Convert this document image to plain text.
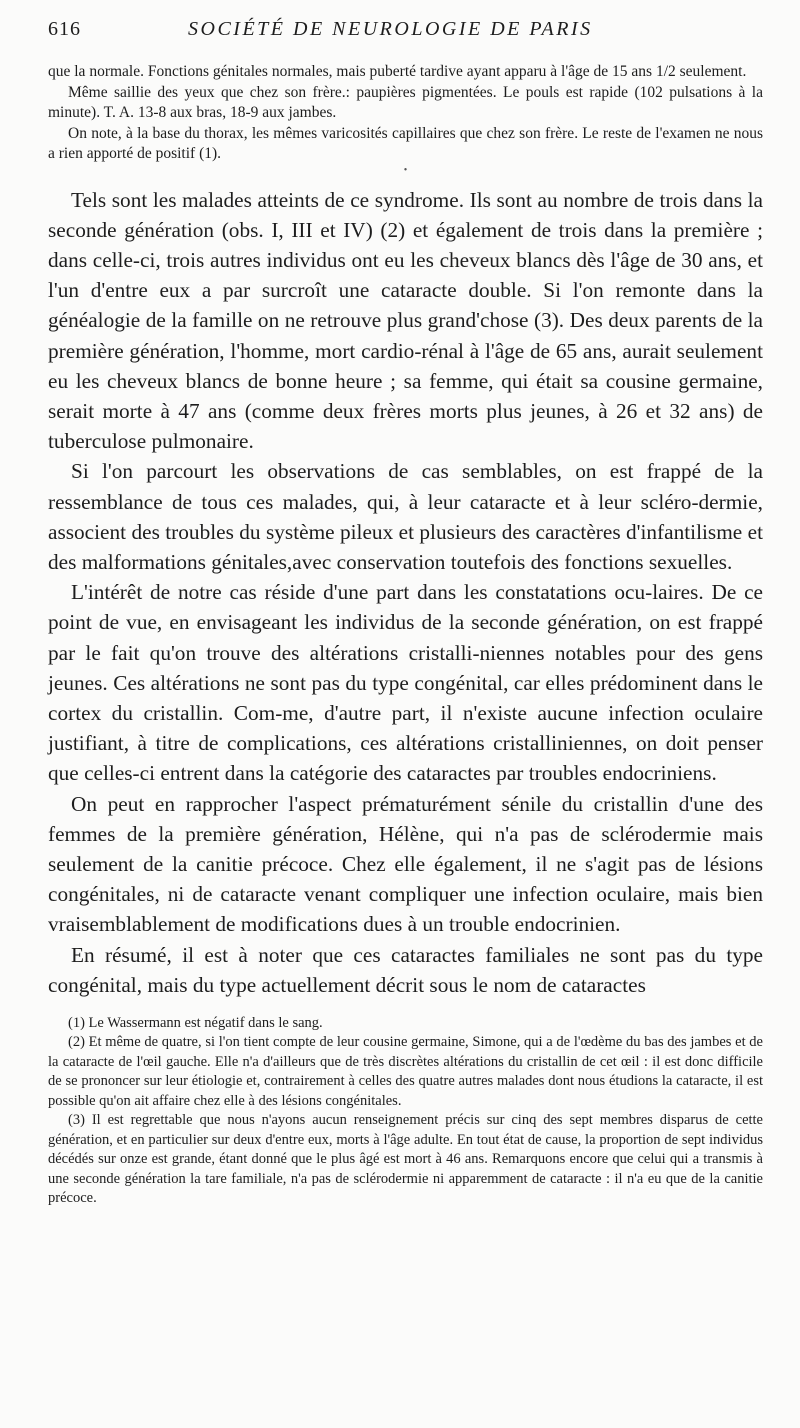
616	SOCIÉTÉ DE NEUROLOGIE DE PARIS

que la normale. Fonctions génitales normales, mais puberté tardive ayant apparu à l'âge de 15 ans 1/2 seulement.

Même saillie des yeux que chez son frère.: paupières pigmentées. Le pouls est rapide (102 pulsations à la minute). T. A. 13-8 aux bras, 18-9 aux jambes.

On note, à la base du thorax, les mêmes varicosités capillaires que chez son frère. Le reste de l'examen ne nous a rien apporté de positif (1).

•

Tels sont les malades atteints de ce syndrome. Ils sont au nombre de trois dans la seconde génération (obs. I, III et IV) (2) et également de trois dans la première ; dans celle-ci, trois autres individus ont eu les cheveux blancs dès l'âge de 30 ans, et l'un d'entre eux a par surcroît une cataracte double. Si l'on remonte dans la généalogie de la famille on ne retrouve plus grand'chose (3). Des deux parents de la première génération, l'homme, mort cardio-rénal à l'âge de 65 ans, aurait seulement eu les cheveux blancs de bonne heure ; sa femme, qui était sa cousine germaine, serait morte à 47 ans (comme deux frères morts plus jeunes, à 26 et 32 ans) de tuberculose pulmonaire.

Si l'on parcourt les observations de cas semblables, on est frappé de la ressemblance de tous ces malades, qui, à leur cataracte et à leur scléro-dermie, associent des troubles du système pileux et plusieurs des caractères d'infantilisme et des malformations génitales,avec conservation toutefois des fonctions sexuelles.

L'intérêt de notre cas réside d'une part dans les constatations ocu-laires. De ce point de vue, en envisageant les individus de la seconde génération, on est frappé par le fait qu'on trouve des altérations cristalli-niennes notables pour des gens jeunes. Ces altérations ne sont pas du type congénital, car elles prédominent dans le cortex du cristallin. Com-me, d'autre part, il n'existe aucune infection oculaire justifiant, à titre de complications, ces altérations cristalliniennes, on doit penser que celles-ci entrent dans la catégorie des cataractes par troubles endocriniens.

On peut en rapprocher l'aspect prématurément sénile du cristallin d'une des femmes de la première génération, Hélène, qui n'a pas de sclérodermie mais seulement de la canitie précoce. Chez elle également, il ne s'agit pas de lésions congénitales, ni de cataracte venant compliquer une infection oculaire, mais bien vraisemblablement de modifications dues à un trouble endocrinien.

En résumé, il est à noter que ces cataractes familiales ne sont pas du type congénital, mais du type actuellement décrit sous le nom de cataractes

(1) Le Wassermann est négatif dans le sang.

(2) Et même de quatre, si l'on tient compte de leur cousine germaine, Simone, qui a de l'œdème du bas des jambes et de la cataracte de l'œil gauche. Elle n'a d'ailleurs que de très discrètes altérations du cristallin de cet œil : il est donc difficile de se prononcer sur leur étiologie et, contrairement à celles des quatre autres malades dont nous étudions la cataracte, il est possible qu'on ait affaire chez elle à des lésions congénitales.

(3) Il est regrettable que nous n'ayons aucun renseignement précis sur cinq des sept membres disparus de cette génération, et en particulier sur deux d'entre eux, morts à l'âge adulte. En tout état de cause, la proportion de sept individus décédés sur onze est grande, étant donné que le plus âgé est mort à 46 ans. Remarquons encore que celui qui a transmis à une seconde génération la tare familiale, n'a pas de sclérodermie ni apparemment de cataracte : il n'a eu que de la canitie précoce.
